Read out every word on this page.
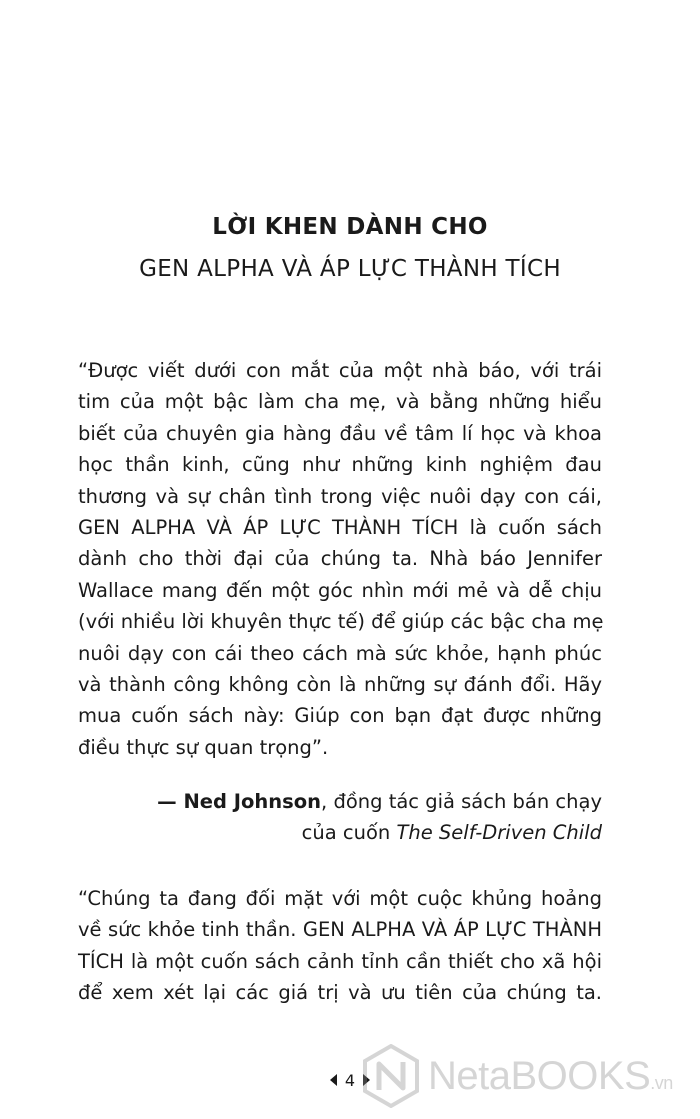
LỜI KHEN DÀNH CHO
GEN ALPHA VÀ ÁP LỰC THÀNH TÍCH
“Được viết dưới con mắt của một nhà báo, với trái
tim của một bậc làm cha mẹ, và bằng những hiểu
biết của chuyên gia hàng đầu về tâm lí học và khoa
học thần kinh, cũng như những kinh nghiệm đau
thương và sự chân tình trong việc nuôi dạy con cái,
GEN ALPHA VÀ ÁP LỰC THÀNH TÍCH là cuốn sách
dành cho thời đại của chúng ta. Nhà báo Jennifer
Wallace mang đến một góc nhìn mới mẻ và dễ chịu
(với nhiều lời khuyên thực tế) để giúp các bậc cha mẹ
nuôi dạy con cái theo cách mà sức khỏe, hạnh phúc
và thành công không còn là những sự đánh đổi. Hãy
mua cuốn sách này: Giúp con bạn đạt được những
điều thực sự quan trọng”.
— Ned Johnson, đồng tác giả sách bán chạy
của cuốn The Self-Driven Child
“Chúng ta đang đối mặt với một cuộc khủng hoảng
về sức khỏe tinh thần. GEN ALPHA VÀ ÁP LỰC THÀNH
TÍCH là một cuốn sách cảnh tỉnh cần thiết cho xã hội
để xem xét lại các giá trị và ưu tiên của chúng ta.
4 NetaBOOKS.vn
